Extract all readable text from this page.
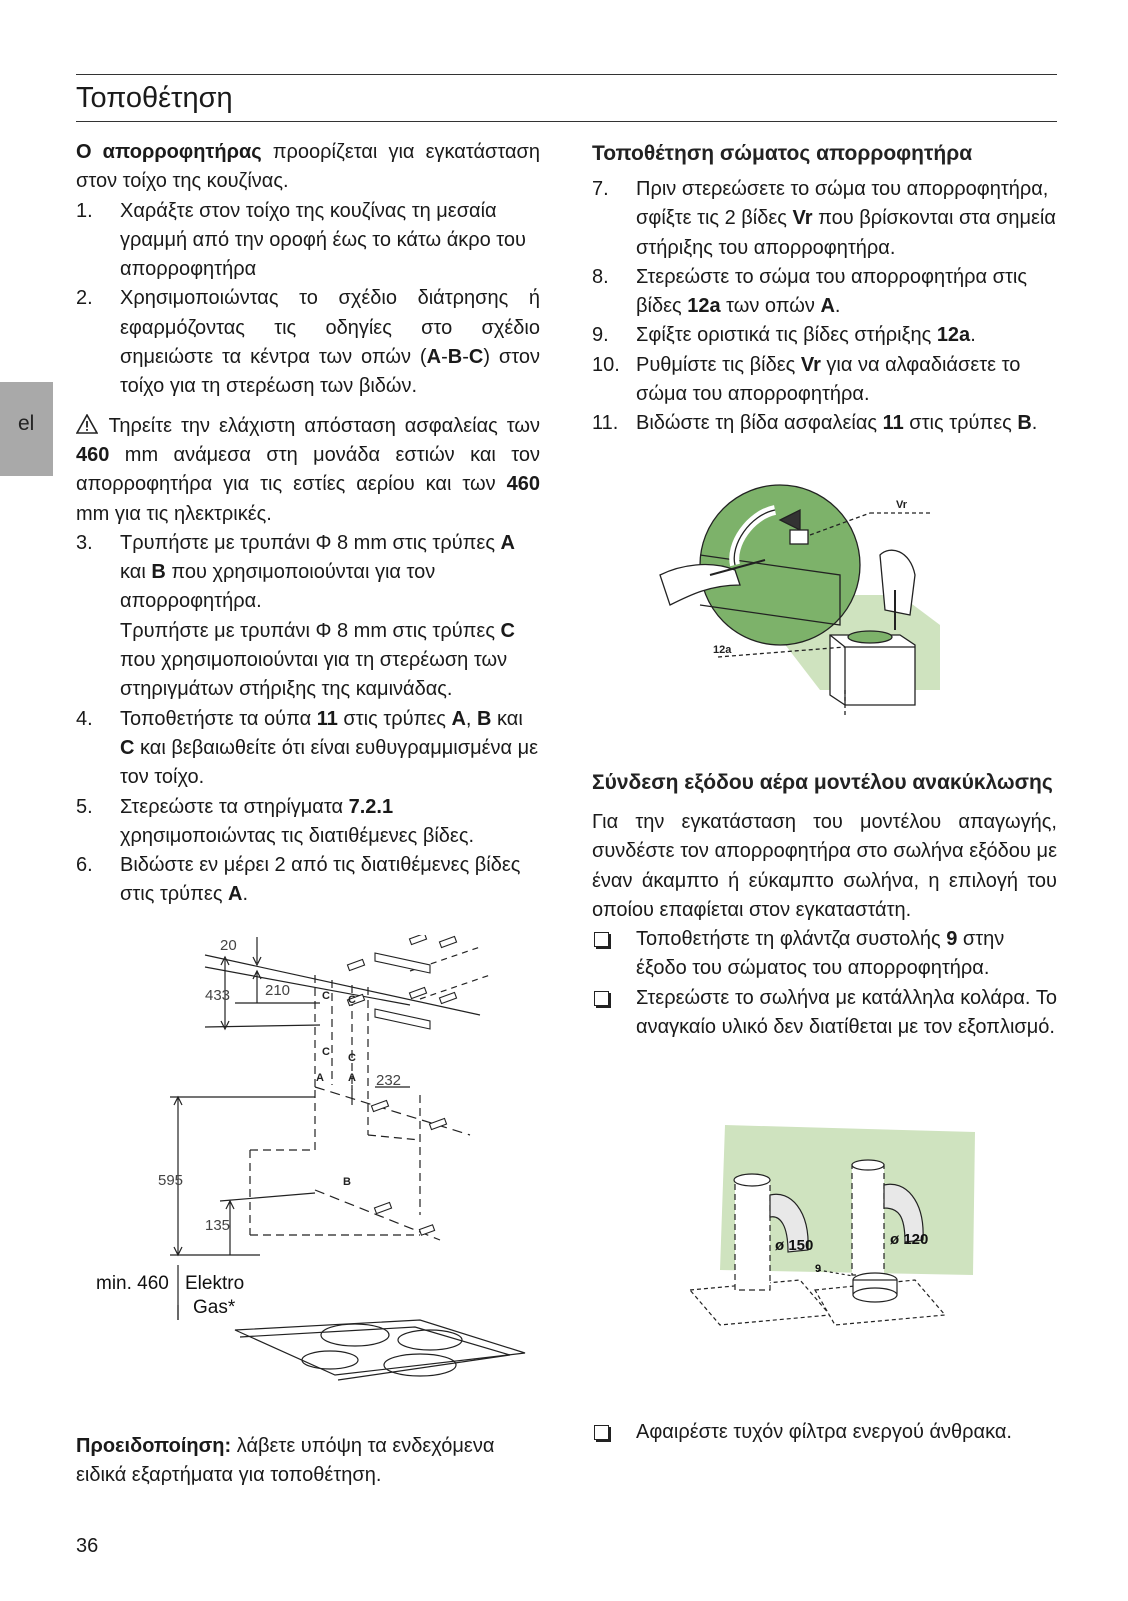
Τοποθέτηση
el

Ο απορροφητήρας προορίζεται για εγκατάσταση στον τοίχο της κουζίνας.

1.	Χαράξτε στον τοίχο της κουζίνας τη μεσαία γραμμή από την οροφή έως το κάτω άκρο του απορροφητήρα
2.	Χρησιμοποιώντας το σχέδιο διάτρησης ή εφαρμόζοντας τις οδηγίες στο σχέδιο σημειώστε τα κέντρα των οπών (A-B-C) στον τοίχο για τη στερέωση των βιδών.

Τηρείτε την ελάχιστη απόσταση ασφαλείας των 460 mm ανάμεσα στη μονάδα εστιών και τον απορροφητήρα για τις εστίες αερίου και των 460 mm για τις ηλεκτρικές.

3.	Τρυπήστε με τρυπάνι Φ 8 mm στις τρύπες A και B που χρησιμοποιούνται για τον απορροφητήρα.

Τρυπήστε με τρυπάνι Φ 8 mm στις τρύπες C που χρησιμοποιούνται για τη στερέωση των στηριγμάτων στήριξης της καμινάδας.

4.	Τοποθετήστε τα ούπα 11 στις τρύπες A, B και C και βεβαιωθείτε ότι είναι ευθυγραμμισμένα με τον τοίχο.
5.	Στερεώστε τα στηρίγματα 7.2.1 χρησιμοποιώντας τις διατιθέμενες βίδες.
6.	Βιδώστε εν μέρει 2 από τις διατιθέμενες βίδες στις τρύπες A.
20
433 210
232
595
135
C C
C C
A A
B
min. 460 Elektro
Gas*

Προειδοποίηση: λάβετε υπόψη τα ενδεχόμενα ειδικά εξαρτήματα για τοποθέτηση.

Τοποθέτηση σώματος απορροφητήρα
7.	Πριν στερεώσετε το σώμα του απορροφητήρα, σφίξτε τις 2 βίδες Vr που βρίσκονται στα σημεία στήριξης του απορροφητήρα.
8.	Στερεώστε το σώμα του απορροφητήρα στις βίδες 12a των οπών A.
9.	Σφίξτε οριστικά τις βίδες στήριξης 12a.
10. Ρυθμίστε τις βίδες Vr για να αλφαδιάσετε το σώμα του απορροφητήρα.
11. Βιδώστε τη βίδα ασφαλείας 11 στις τρύπες B.
Vr
12a
Σύνδεση εξόδου αέρα μοντέλου ανακύκλωσης

Για την εγκατάσταση του μοντέλου απαγωγής, συνδέστε τον απορροφητήρα στο σωλήνα εξόδου με έναν άκαμπτο ή εύκαμπτο σωλήνα, η επιλογή του οποίου επαφίεται στον εγκαταστάτη.

Τοποθετήστε τη φλάντζα συστολής 9 στην έξοδο του σώματος του απορροφητήρα.
Στερεώστε το σωλήνα με κατάλληλα κολάρα. Το αναγκαίο υλικό δεν διατίθεται με τον εξοπλισμό.
ø 150	ø 120
9
Αφαιρέστε τυχόν φίλτρα ενεργού άνθρακα.
36
